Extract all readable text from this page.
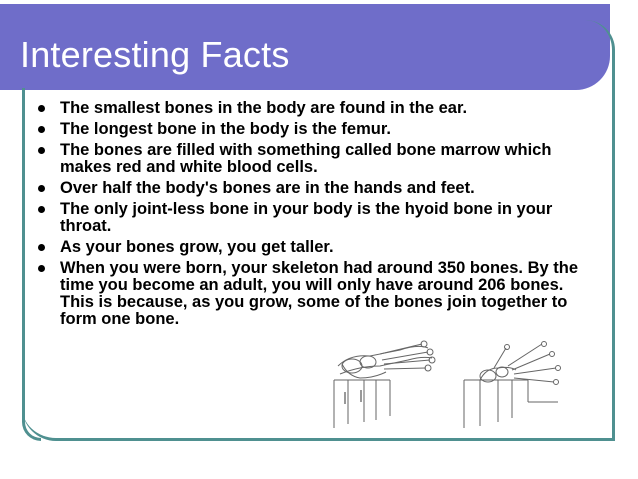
Interesting Facts
The smallest bones in the body are found in the ear.
The longest bone in the body is the femur.
The bones are filled with something called bone marrow which makes red and white blood cells.
Over half the body's bones are in the hands and feet.
The only joint-less bone in your body is the hyoid bone in your throat.
As your bones grow, you get taller.
When you were born, your skeleton had around 350 bones. By the time you become an adult, you will only have around 206 bones. This is because, as you grow, some of the bones join together to form one bone.
